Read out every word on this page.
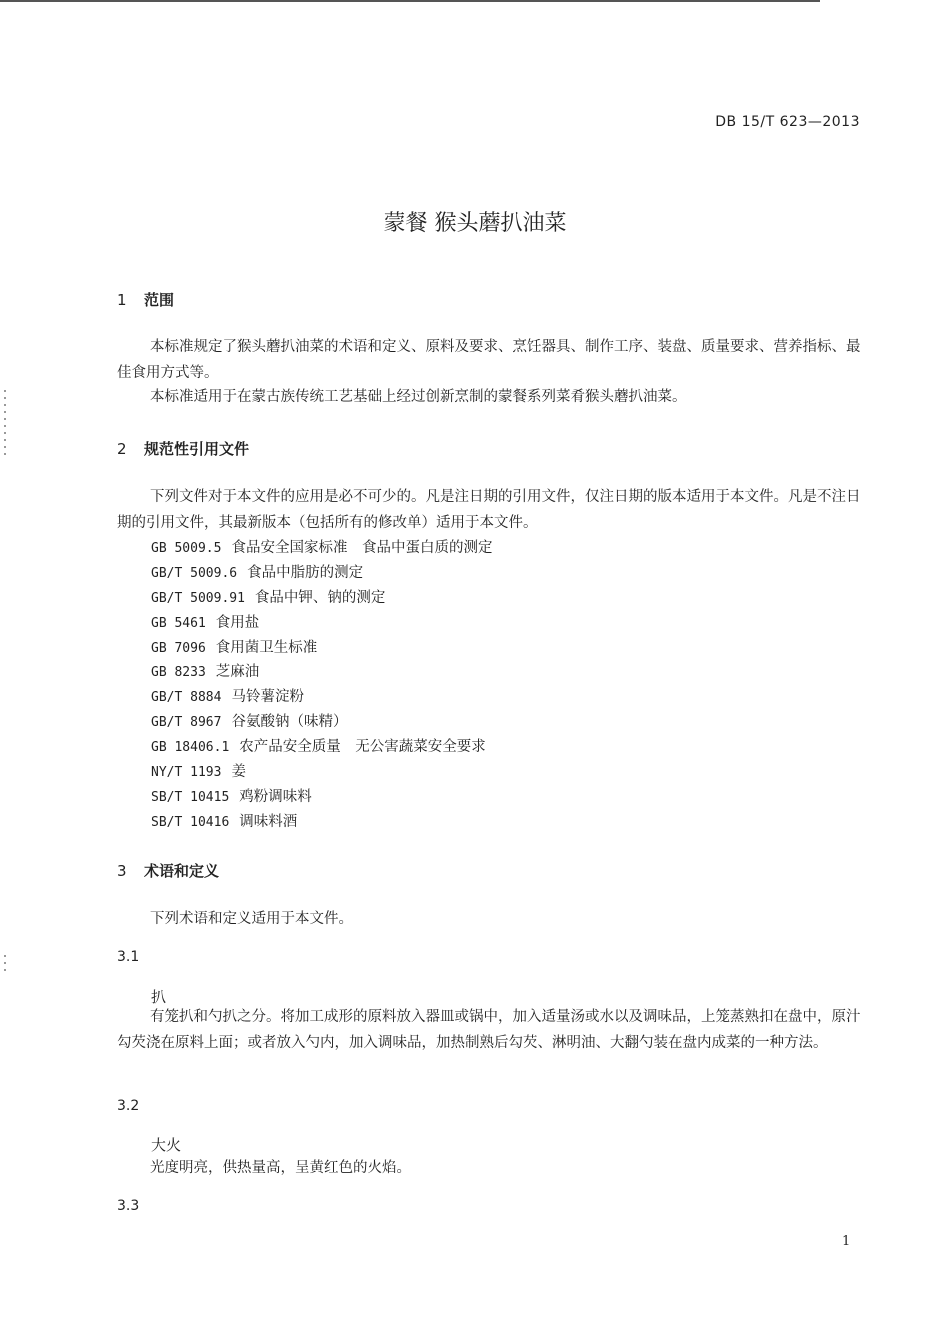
DB 15/T 623—2013
蒙餐 猴头蘑扒油菜
1 范围
本标准规定了猴头蘑扒油菜的术语和定义、原料及要求、烹饪器具、制作工序、装盘、质量要求、营养指标、最佳食用方式等。
本标准适用于在蒙古族传统工艺基础上经过创新烹制的蒙餐系列菜肴猴头蘑扒油菜。
2 规范性引用文件
下列文件对于本文件的应用是必不可少的。凡是注日期的引用文件，仅注日期的版本适用于本文件。凡是不注日期的引用文件，其最新版本（包括所有的修改单）适用于本文件。
GB 5009.5 食品安全国家标准　食品中蛋白质的测定
GB/T 5009.6 食品中脂肪的测定
GB/T 5009.91 食品中钾、钠的测定
GB 5461 食用盐
GB 7096 食用菌卫生标准
GB 8233 芝麻油
GB/T 8884 马铃薯淀粉
GB/T 8967 谷氨酸钠（味精）
GB 18406.1 农产品安全质量　无公害蔬菜安全要求
NY/T 1193 姜
SB/T 10415 鸡粉调味料
SB/T 10416 调味料酒
3 术语和定义
下列术语和定义适用于本文件。
3.1
扒
有笼扒和勺扒之分。将加工成形的原料放入器皿或锅中，加入适量汤或水以及调味品，上笼蒸熟扣在盘中，原汁勾芡浇在原料上面；或者放入勺内，加入调味品，加热制熟后勾芡、淋明油、大翻勺装在盘内成菜的一种方法。
3.2
大火
光度明亮，供热量高，呈黄红色的火焰。
3.3
1
